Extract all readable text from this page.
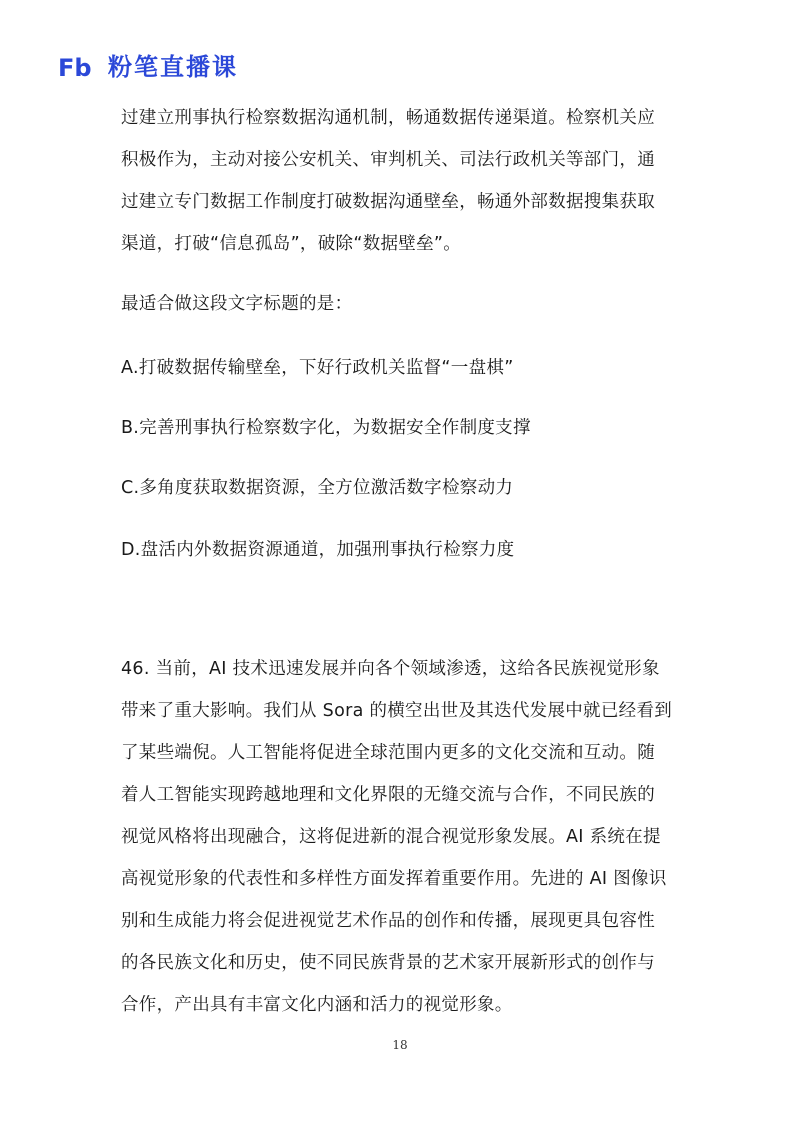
Fb 粉笔直播课
过建立刑事执行检察数据沟通机制，畅通数据传递渠道。检察机关应
积极作为，主动对接公安机关、审判机关、司法行政机关等部门，通
过建立专门数据工作制度打破数据沟通壁垒，畅通外部数据搜集获取
渠道，打破“信息孤岛”，破除“数据壁垒”。
最适合做这段文字标题的是：
A.打破数据传输壁垒，下好行政机关监督“一盘棋”
B.完善刑事执行检察数字化，为数据安全作制度支撑
C.多角度获取数据资源，全方位激活数字检察动力
D.盘活内外数据资源通道，加强刑事执行检察力度
46. 当前，AI 技术迅速发展并向各个领域渗透，这给各民族视觉形象
带来了重大影响。我们从 Sora 的横空出世及其迭代发展中就已经看到
了某些端倪。人工智能将促进全球范围内更多的文化交流和互动。随
着人工智能实现跨越地理和文化界限的无缝交流与合作，不同民族的
视觉风格将出现融合，这将促进新的混合视觉形象发展。AI 系统在提
高视觉形象的代表性和多样性方面发挥着重要作用。先进的 AI 图像识
别和生成能力将会促进视觉艺术作品的创作和传播，展现更具包容性
的各民族文化和历史，使不同民族背景的艺术家开展新形式的创作与
合作，产出具有丰富文化内涵和活力的视觉形象。
18
